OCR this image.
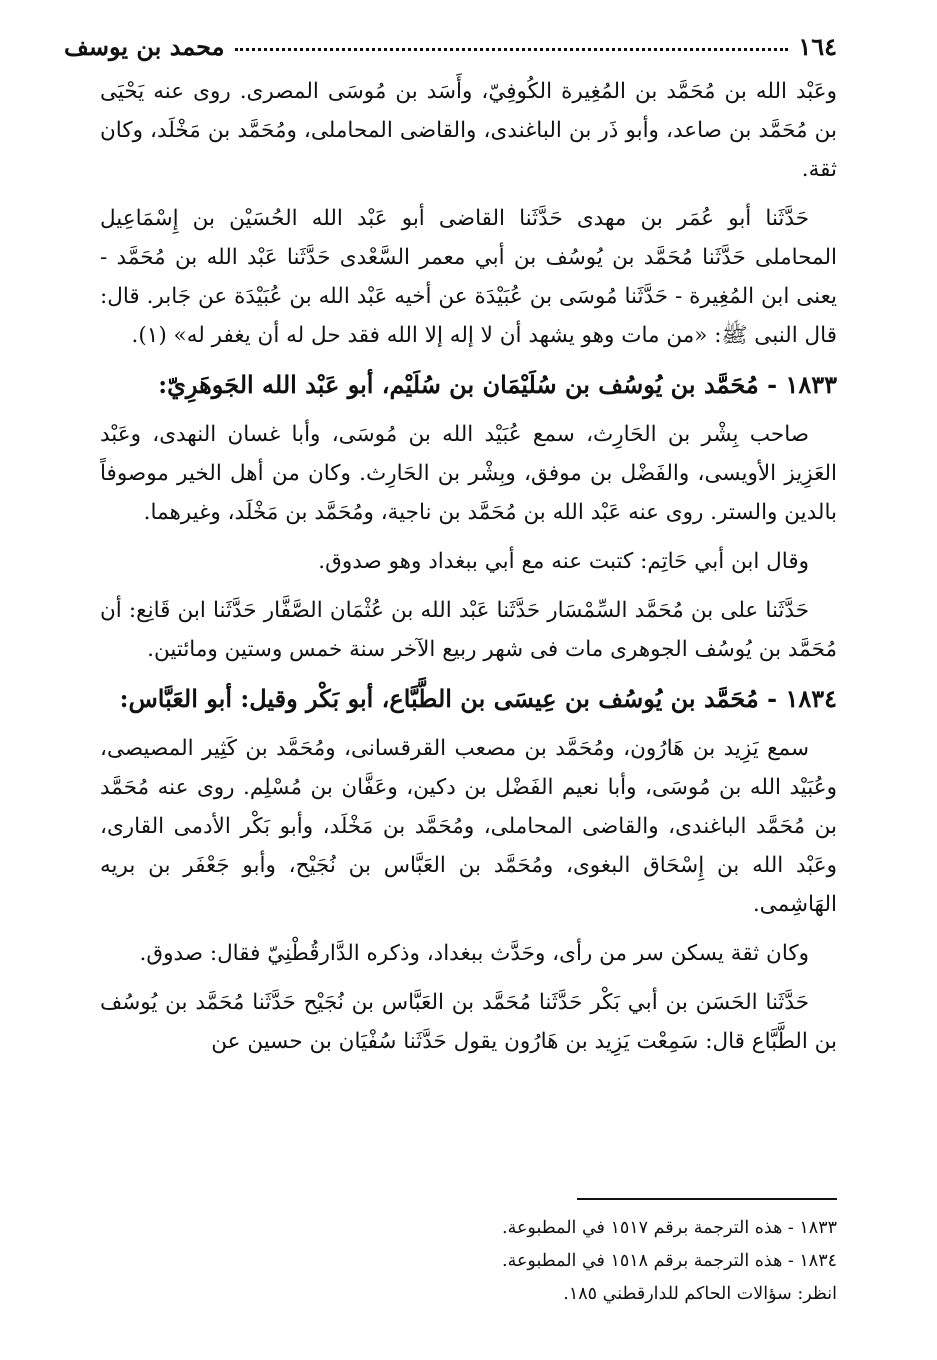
١٦٤
محمد بن يوسف

وعَبْد الله بن مُحَمَّد بن المُغِيرة الكُوفِيّ، وأَسَد بن مُوسَى المصرى. روى عنه يَحْيَى بن مُحَمَّد بن صاعد، وأبو ذَر بن الباغندى، والقاضى المحاملى، ومُحَمَّد بن مَخْلَد، وكان ثقة.

حَدَّثَنا أبو عُمَر بن مهدى حَدَّثَنا القاضى أبو عَبْد الله الحُسَيْن بن إِسْمَاعِيل المحاملى حَدَّثَنا مُحَمَّد بن يُوسُف بن أبي معمر السَّعْدى حَدَّثَنا عَبْد الله بن مُحَمَّد - يعنى ابن المُغِيرة - حَدَّثَنا مُوسَى بن عُبَيْدَة عن أخيه عَبْد الله بن عُبَيْدَة عن جَابر. قال: قال النبى ﷺ: «من مات وهو يشهد أن لا إله إلا الله فقد حل له أن يغفر له» (١).

١٨٣٣ - مُحَمَّد بن يُوسُف بن سُلَيْمَان بن سُلَيْم، أبو عَبْد الله الجَوهَرِيّ:

صاحب بِشْر بن الحَارِث، سمع عُبَيْد الله بن مُوسَى، وأبا غسان النهدى، وعَبْد العَزِيز الأويسى، والفَضْل بن موفق، وبِشْر بن الحَارِث. وكان من أهل الخير موصوفاً بالدين والستر. روى عنه عَبْد الله بن مُحَمَّد بن ناجية، ومُحَمَّد بن مَخْلَد، وغيرهما.

وقال ابن أبي حَاتِم: كتبت عنه مع أبي ببغداد وهو صدوق.

حَدَّثَنا على بن مُحَمَّد السِّمْسَار حَدَّثَنا عَبْد الله بن عُثْمَان الصَّفَّار حَدَّثَنا ابن قَانِع: أن مُحَمَّد بن يُوسُف الجوهرى مات فى شهر ربيع الآخر سنة خمس وستين ومائتين.

١٨٣٤ - مُحَمَّد بن يُوسُف بن عِيسَى بن الطَّبَّاع، أبو بَكْر وقيل: أبو العَبَّاس:

سمع يَزِيد بن هَارُون، ومُحَمَّد بن مصعب القرقسانى، ومُحَمَّد بن كَثِير المصيصى، وعُبَيْد الله بن مُوسَى، وأبا نعيم الفَضْل بن دكين، وعَفَّان بن مُسْلِم. روى عنه مُحَمَّد بن مُحَمَّد الباغندى، والقاضى المحاملى، ومُحَمَّد بن مَخْلَد، وأبو بَكْر الأدمى القارى، وعَبْد الله بن إِسْحَاق البغوى، ومُحَمَّد بن العَبَّاس بن نُجَيْح، وأبو جَعْفَر بن بريه الهَاشِمى.

وكان ثقة يسكن سر من رأى، وحَدَّث ببغداد، وذكره الدَّارقُطْنِيّ فقال: صدوق.

حَدَّثَنا الحَسَن بن أبي بَكْر حَدَّثَنا مُحَمَّد بن العَبَّاس بن نُجَيْح حَدَّثَنا مُحَمَّد بن يُوسُف بن الطَّبَّاع قال: سَمِعْت يَزِيد بن هَارُون يقول حَدَّثَنا سُفْيَان بن حسين عن

١٨٣٣ - هذه الترجمة برقم ١٥١٧ في المطبوعة.

١٨٣٤ - هذه الترجمة برقم ١٥١٨ في المطبوعة.

انظر: سؤالات الحاكم للدارقطني ١٨٥.
